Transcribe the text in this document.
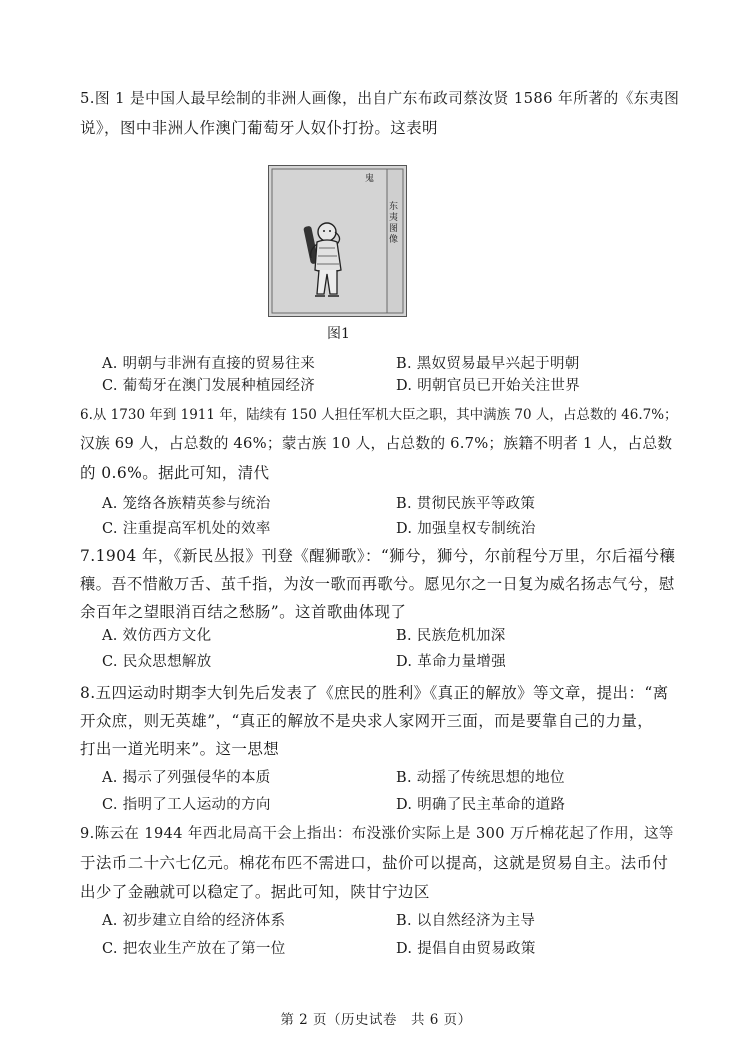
5.图 1 是中国人最早绘制的非洲人画像，出自广东布政司蔡汝贤 1586 年所著的《东夷图
说》，图中非洲人作澳门葡萄牙人奴仆打扮。这表明
东夷图像
鬼
图1
A. 明朝与非洲有直接的贸易往来	B. 黑奴贸易最早兴起于明朝
C. 葡萄牙在澳门发展种植园经济	D. 明朝官员已开始关注世界
6.从 1730 年到 1911 年，陆续有 150 人担任军机大臣之职，其中满族 70 人，占总数的 46.7%；
汉族 69 人，占总数的 46%；蒙古族 10 人，占总数的 6.7%；族籍不明者 1 人，占总数
的 0.6%。据此可知，清代
A. 笼络各族精英参与统治	B. 贯彻民族平等政策
C. 注重提高军机处的效率	D. 加强皇权专制统治
7.1904 年，《新民丛报》刊登《醒狮歌》：“狮兮，狮兮，尔前程兮万里，尔后福兮穰
穰。吾不惜敝万舌、茧千指，为汝一歌而再歌兮。愿见尔之一日复为威名扬志气兮，慰
余百年之望眼消百结之愁肠”。这首歌曲体现了
A. 效仿西方文化	B. 民族危机加深
C. 民众思想解放	D. 革命力量增强
8.五四运动时期李大钊先后发表了《庶民的胜利》《真正的解放》等文章，提出：“离
开众庶，则无英雄”，“真正的解放不是央求人家网开三面，而是要靠自己的力量，
打出一道光明来”。这一思想
A. 揭示了列强侵华的本质	B. 动摇了传统思想的地位
C. 指明了工人运动的方向	D. 明确了民主革命的道路
9.陈云在 1944 年西北局高干会上指出：布没涨价实际上是 300 万斤棉花起了作用，这等
于法币二十六七亿元。棉花布匹不需进口，盐价可以提高，这就是贸易自主。法币付
出少了金融就可以稳定了。据此可知，陕甘宁边区
A. 初步建立自给的经济体系	B. 以自然经济为主导
C. 把农业生产放在了第一位	D. 提倡自由贸易政策
第 2 页（历史试卷　共 6 页）
